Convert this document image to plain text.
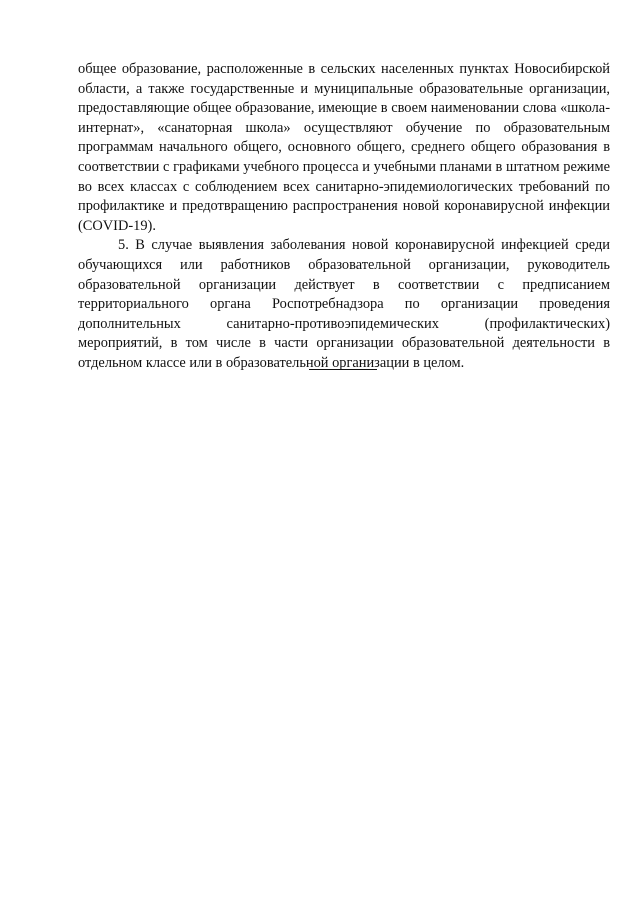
общее образование, расположенные в сельских населенных пунктах Новосибирской области, а также государственные и муниципальные образовательные организации, предоставляющие общее образование, имеющие в своем наименовании слова «школа-интернат», «санаторная школа» осуществляют обучение по образовательным программам начального общего, основного общего, среднего общего образования в соответствии с графиками учебного процесса и учебными планами в штатном режиме во всех классах с соблюдением всех санитарно-эпидемиологических требований по профилактике и предотвращению распространения новой коронавирусной инфекции (COVID-19).

5. В случае выявления заболевания новой коронавирусной инфекцией среди обучающихся или работников образовательной организации, руководитель образовательной организации действует в соответствии с предписанием территориального органа Роспотребнадзора по организации проведения дополнительных санитарно-противоэпидемических (профилактических) мероприятий, в том числе в части организации образовательной деятельности в отдельном классе или в образовательной организации в целом.
